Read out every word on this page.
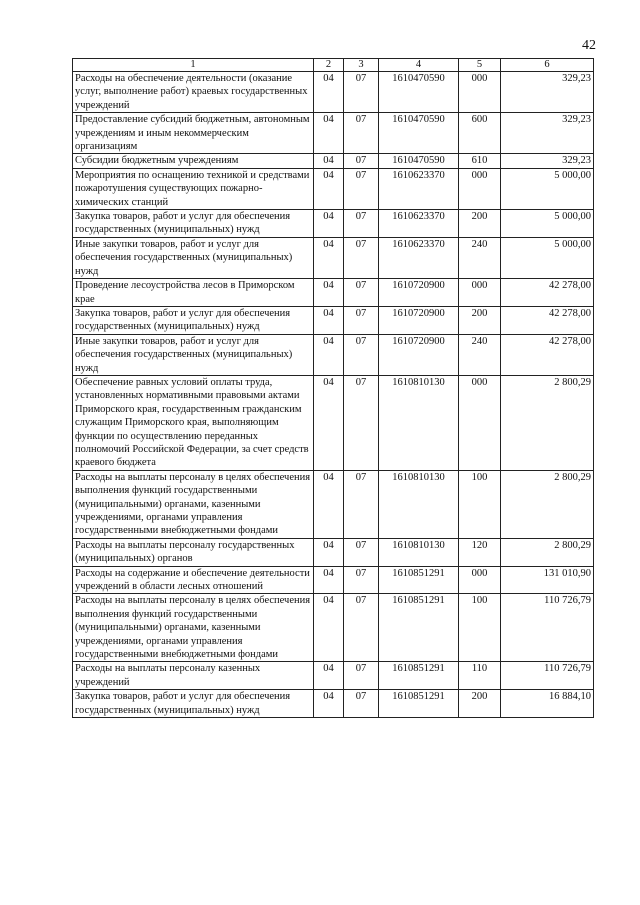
42
1	2	3	4	5	6
Расходы на обеспечение деятельности (оказание услуг, выполнение работ) краевых государственных учреждений	04	07	1610470590	000	329,23
Предоставление субсидий бюджетным, автономным учреждениям и иным некоммерческим организациям	04	07	1610470590	600	329,23
Субсидии бюджетным учреждениям	04	07	1610470590	610	329,23
Мероприятия по оснащению техникой и средствами пожаротушения существующих пожарно-химических станций	04	07	1610623370	000	5 000,00
Закупка товаров, работ и услуг для обеспечения государственных (муниципальных) нужд	04	07	1610623370	200	5 000,00
Иные закупки товаров, работ и услуг для обеспечения государственных (муниципальных) нужд	04	07	1610623370	240	5 000,00
Проведение лесоустройства лесов в Приморском крае	04	07	1610720900	000	42 278,00
Закупка товаров, работ и услуг для обеспечения государственных (муниципальных) нужд	04	07	1610720900	200	42 278,00
Иные закупки товаров, работ и услуг для обеспечения государственных (муниципальных) нужд	04	07	1610720900	240	42 278,00
Обеспечение равных условий оплаты труда, установленных нормативными правовыми актами Приморского края, государственным гражданским служащим Приморского края, выполняющим функции по осуществлению переданных полномочий Российской Федерации, за счет средств краевого бюджета	04	07	1610810130	000	2 800,29
Расходы на выплаты персоналу в целях обеспечения выполнения функций государственными (муниципальными) органами, казенными учреждениями, органами управления государственными внебюджетными фондами	04	07	1610810130	100	2 800,29
Расходы на выплаты персоналу государственных (муниципальных) органов	04	07	1610810130	120	2 800,29
Расходы на содержание и обеспечение деятельности учреждений в области лесных отношений	04	07	1610851291	000	131 010,90
Расходы на выплаты персоналу в целях обеспечения выполнения функций государственными (муниципальными) органами, казенными учреждениями, органами управления государственными внебюджетными фондами	04	07	1610851291	100	110 726,79
Расходы на выплаты персоналу казенных учреждений	04	07	1610851291	110	110 726,79
Закупка товаров, работ и услуг для обеспечения государственных (муниципальных) нужд	04	07	1610851291	200	16 884,10
